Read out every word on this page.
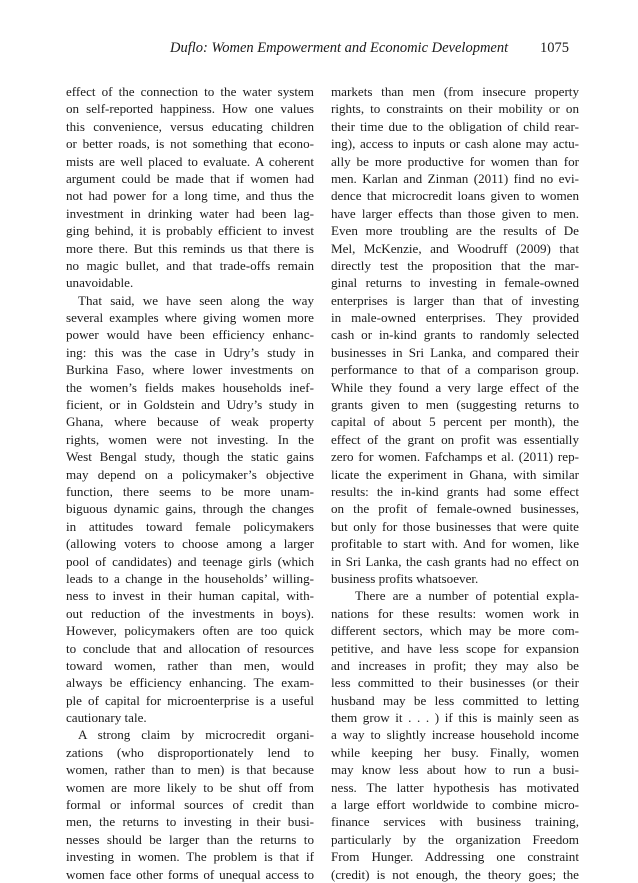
Duflo: Women Empowerment and Economic Development 1075
effect of the connection to the water system
on self-reported happiness. How one values
this convenience, versus educating children
or better roads, is not something that econo-
mists are well placed to evaluate. A coherent
argument could be made that if women had
not had power for a long time, and thus the
investment in drinking water had been lag-
ging behind, it is probably efficient to invest
more there. But this reminds us that there is
no magic bullet, and that trade-offs remain
unavoidable.
That said, we have seen along the way
several examples where giving women more
power would have been efficiency enhanc-
ing: this was the case in Udry’s study in
Burkina Faso, where lower investments on
the women’s fields makes households inef-
ficient, or in Goldstein and Udry’s study in
Ghana, where because of weak property
rights, women were not investing. In the
West Bengal study, though the static gains
may depend on a policymaker’s objective
function, there seems to be more unam-
biguous dynamic gains, through the changes
in attitudes toward female policymakers
(allowing voters to choose among a larger
pool of candidates) and teenage girls (which
leads to a change in the households’ willing-
ness to invest in their human capital, with-
out reduction of the investments in boys).
However, policymakers often are too quick
to conclude that and allocation of resources
toward women, rather than men, would
always be efficiency enhancing. The exam-
ple of capital for microenterprise is a useful
cautionary tale.
A strong claim by microcredit organi-
zations (who disproportionately lend to
women, rather than to men) is that because
women are more likely to be shut off from
formal or informal sources of credit than
men, the returns to investing in their busi-
nesses should be larger than the returns to
investing in women. The problem is that if
women face other forms of unequal access to
markets than men (from insecure property
rights, to constraints on their mobility or on
their time due to the obligation of child rear-
ing), access to inputs or cash alone may actu-
ally be more productive for women than for
men. Karlan and Zinman (2011) find no evi-
dence that microcredit loans given to women
have larger effects than those given to men.
Even more troubling are the results of De
Mel, McKenzie, and Woodruff (2009) that
directly test the proposition that the mar-
ginal returns to investing in female-owned
enterprises is larger than that of investing
in male-owned enterprises. They provided
cash or in-kind grants to randomly selected
businesses in Sri Lanka, and compared their
performance to that of a comparison group.
While they found a very large effect of the
grants given to men (suggesting returns to
capital of about 5 percent per month), the
effect of the grant on profit was essentially
zero for women. Fafchamps et al. (2011) rep-
licate the experiment in Ghana, with similar
results: the in-kind grants had some effect
on the profit of female-owned businesses,
but only for those businesses that were quite
profitable to start with. And for women, like
in Sri Lanka, the cash grants had no effect on
business profits whatsoever.
There are a number of potential expla-
nations for these results: women work in
different sectors, which may be more com-
petitive, and have less scope for expansion
and increases in profit; they may also be
less committed to their businesses (or their
husband may be less committed to letting
them grow it . . . ) if this is mainly seen as
a way to slightly increase household income
while keeping her busy. Finally, women
may know less about how to run a busi-
ness. The latter hypothesis has motivated
a large effort worldwide to combine micro-
finance services with business training,
particularly by the organization Freedom
From Hunger. Addressing one constraint
(credit) is not enough, the theory goes; the
